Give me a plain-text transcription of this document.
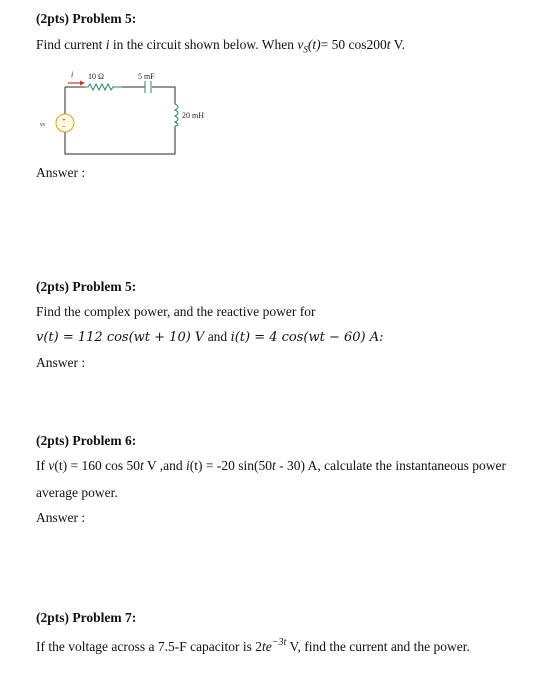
(2pts) Problem 5:
Find current i in the circuit shown below. When $v_S(t)= 50$ cos200t V.
i 10 Ω	5 mF
20 mH
+
−
vs
Answer :
(2pts) Problem 5:
Find the complex power, and the reactive power for
v(t) = 112 cos(wt + 10) V and i(t) = 4 cos(wt − 60) A:
Answer :
(2pts) Problem 6:
If v(t) = 160 cos 50t V ,and i(t) = -20 sin(50t - 30) A, calculate the instantaneous power
average power.
Answer :
(2pts) Problem 7:
If the voltage across a 7.5-F capacitor is $2te^{-3t}$ V, find the current and the power.
